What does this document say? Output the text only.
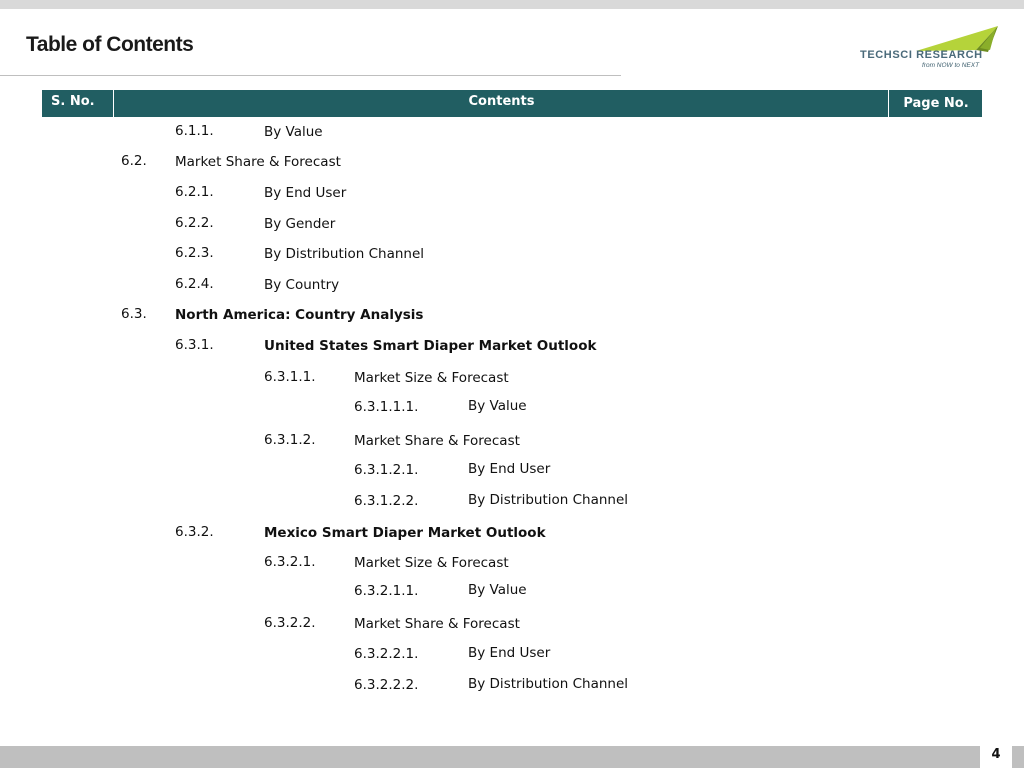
Table of Contents	TECHSCI RESEARCH
from NOW to NEXT
S. No.	Contents	Page No.
6.1.1.	By Value
6.2. Market Share & Forecast
6.2.1.	By End User
6.2.2.	By Gender
6.2.3.	By Distribution Channel
6.2.4.	By Country
6.3. North America: Country Analysis
6.3.1.	United States Smart Diaper Market Outlook
6.3.1.1.	Market Size & Forecast
6.3.1.1.1.	By Value
6.3.1.2.	Market Share & Forecast
6.3.1.2.1.	By End User
6.3.1.2.2.	By Distribution Channel
6.3.2.	Mexico Smart Diaper Market Outlook
6.3.2.1.	Market Size & Forecast
6.3.2.1.1.	By Value
6.3.2.2.	Market Share & Forecast
6.3.2.2.1.	By End User
6.3.2.2.2.	By Distribution Channel
4
